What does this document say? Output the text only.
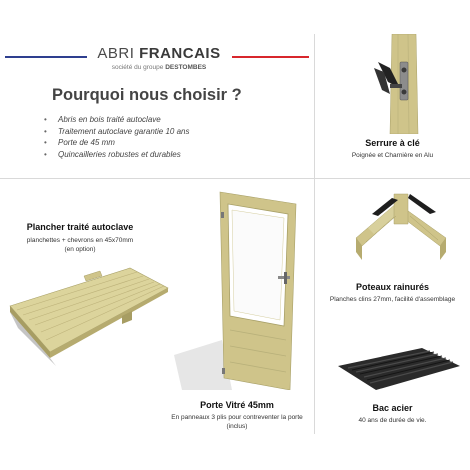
ABRI FRANCAIS
société du groupe DESTOMBES
Pourquoi nous choisir ?
• Abris en bois traité autoclave
• Traitement autoclave garantie 10 ans
• Porte de 45 mm
• Quincailleries robustes et durables
Serrure à clé
Poignée et Charnière en Alu
Plancher traité autoclave
planchettes + chevrons en 45x70mm
(en option)
Porte Vitré 45mm
En panneaux 3 plis pour contreventer la porte
(inclus)
Poteaux rainurés
Planches clins 27mm, facilité d'assemblage
Bac acier
40 ans de durée de vie.
